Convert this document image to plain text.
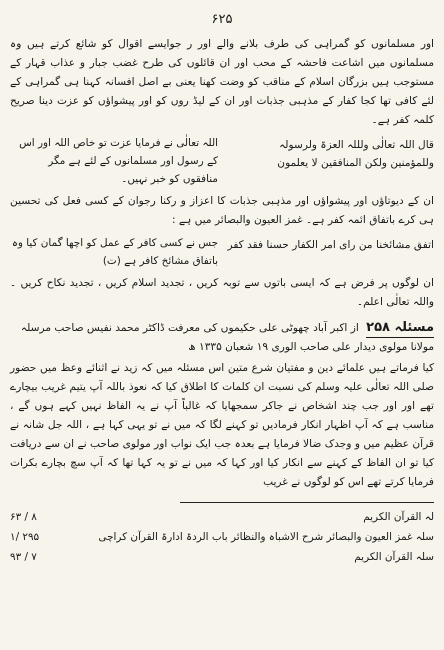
۶۲۵

اور مسلمانوں کو گمراہی کی طرف بلانے والے اور ر جوایسے اقوال کو شائع کرتے ہیں وہ مسلمانوں میں اشاعت فاحشہ کے محب اور ان قائلوں کی طرح غضب جبار و عذاب قہار کے مستوجب ہیں بزرگان اسلام کے مناقب کو وضت کھنا یعنی بے اصل افسانہ کہنا ہی گمراہی کے لئے کافی تھا کجا کفار کے مذہبی جذبات اور ان کے لیڈ روں کو اور پیشواؤں کو عزت دینا صریح کلمہ کفر ہے۔

قال اللہ تعالٰی ولللہ العزۃ ولرسولہ
وللمؤمنین ولکن المنافقین لا یعلمون
اللہ تعالٰی نے فرمایا عزت تو خاص اللہ اور اس کے رسول اور مسلمانوں کے لئے ہے مگر منافقوں کو خبر نہیں۔

ان کے دیوتاؤں اور پیشواؤں اور مذہبی جذبات کا اعزاز و رکنا رجوان کے کسی فعل کی تحسین ہی کرے باتفاق ائمہ کفر ہے۔ غمز العیون والبصائر میں ہے :

اتفق مشائخنا من رای امر الکفار حسنا فقد کفر
جس نے کسی کافر کے عمل کو اچھا گمان کیا وہ باتفاق مشائخ کافر ہے (ت)

ان لوگوں پر فرض ہے کہ ایسی باتوں سے توبہ کریں ، تجدید اسلام کریں ، تجدید نکاح کریں ۔ واللہ تعالٰی اعلم۔

مسئلہ ۲۵۸ از اکبر آباد چھوٹی علی حکیموں کی معرفت ڈاکٹر محمد نفیس صاحب مرسلہ مولانا مولوی دیدار علی صاحب الوری ۱۹ شعبان ۱۳۳۵ ھ

کیا فرماتے ہیں علمائے دین و مفتیان شرع متین اس مسئلہ میں کہ زید نے اثنائے وعظ میں حضور صلی اللہ تعالٰی علیہ وسلم کی نسبت ان کلمات کا اطلاق کیا کہ نعوذ باللہ آپ یتیم غریب بیچارے تھے اور اور جب چند اشخاص نے جاکر سمجھایا کہ غالباً آپ نے یہ الفاظ نہیں کہے ہوں گے ، مناسب ہے کہ آپ اظہار انکار فرمادیں تو کہنے لگا کہ میں نے تو یہی کہا ہے ، اللہ جل شانہ نے قرآن عظیم میں و وجدک ضالا فرمایا ہے بعدہ جب ایک نواب اور مولوی صاحب نے ان سے دریافت کیا تو ان الفاظ کے کہنے سے انکار کیا اور کہا کہ میں نے تو یہ کہا تھا کہ آپ سچ بچارے بکرات فرمایا کرتے تھے اس کو لوگوں نے غریب

لہ القرآن الکریم
۶۳ / ۸
سلہ غمز العیون والبصائر شرح الاشباہ والنظائر باب الردۃ ادارۃ القرآن کراچی
۱/ ۲۹۵
سلہ القرآن الکریم
۹۳ / ۷
